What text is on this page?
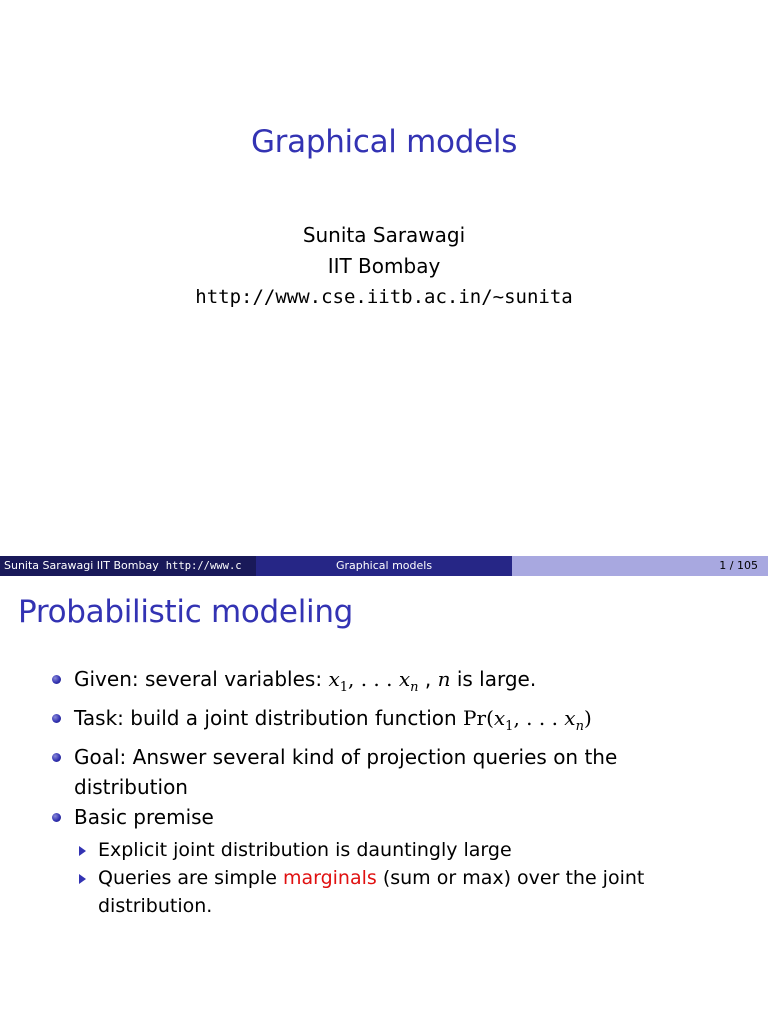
Graphical models
Sunita Sarawagi
IIT Bombay
http://www.cse.iitb.ac.in/~sunita
Sunita Sarawagi IIT Bombay http://www.c	Graphical models	1 / 105
Probabilistic modeling
Given: several variables: $x_1$, . . . $x_n$ , n is large.
Task: build a joint distribution function $Pr(x_1$, . . . $x_n$)
Goal: Answer several kind of projection queries on the distribution
Basic premise
Explicit joint distribution is dauntingly large
Queries are simple marginals (sum or max) over the joint distribution.
